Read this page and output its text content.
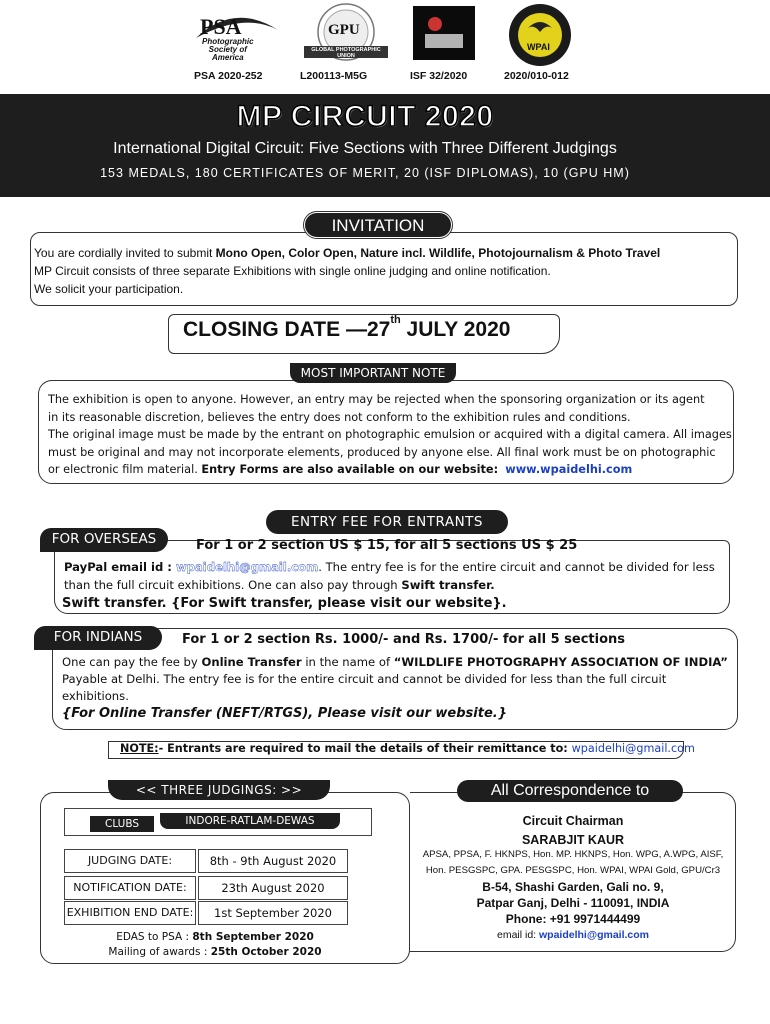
PSA
Photographic
Society of
America
GPU
GLOBAL PHOTOGRAPHIC UNION
WPAI
PSA 2020-252	L200113-M5G	ISF 32/2020	2020/010-012
MP CIRCUIT 2020
International Digital Circuit: Five Sections with Three Different Judgings
153 MEDALS, 180 CERTIFICATES OF MERIT, 20 (ISF DIPLOMAS), 10 (GPU HM)
INVITATION
You are cordially invited to submit Mono Open, Color Open, Nature incl. Wildlife, Photojournalism & Photo Travel
MP Circuit consists of three separate Exhibitions with single online judging and online notification.
We solicit your participation.
CLOSING DATE —27th JULY 2020
MOST IMPORTANT NOTE
The exhibition is open to anyone. However, an entry may be rejected when the sponsoring organization or its agent
in its reasonable discretion, believes the entry does not conform to the exhibition rules and conditions.
The original image must be made by the entrant on photographic emulsion or acquired with a digital camera. All images
must be original and may not incorporate elements, produced by anyone else. All final work must be on photographic
or electronic film material. Entry Forms are also available on our website: www.wpaidelhi.com
ENTRY FEE FOR ENTRANTS
FOR OVERSEAS	For 1 or 2 section US $ 15, for all 5 sections US $ 25
PayPal email id : wpaidelhi@gmail.com. The entry fee is for the entire circuit and cannot be divided for less
than the full circuit exhibitions. One can also pay through Swift transfer.
Swift transfer. {For Swift transfer, please visit our website}.
FOR INDIANS	For 1 or 2 section Rs. 1000/- and Rs. 1700/- for all 5 sections
One can pay the fee by Online Transfer in the name of “WILDLIFE PHOTOGRAPHY ASSOCIATION OF INDIA”
Payable at Delhi. The entry fee is for the entire circuit and cannot be divided for less than the full circuit
exhibitions.
{For Online Transfer (NEFT/RTGS), Please visit our website.}
NOTE:- Entrants are required to mail the details of their remittance to: wpaidelhi@gmail.com
<< THREE JUDGINGS: >>
CLUBS	INDORE-RATLAM-DEWAS
JUDGING DATE:	8th - 9th August 2020
NOTIFICATION DATE:	23th August 2020
EXHIBITION END DATE:	1st September 2020
EDAS to PSA : 8th September 2020
Mailing of awards : 25th October 2020
All Correspondence to
Circuit Chairman
SARABJIT KAUR
APSA, PPSA, F. HKNPS, Hon. MP. HKNPS, Hon. WPG, A.WPG, AISF,
Hon. PESGSPC, GPA. PESGSPC, Hon. WPAI, WPAI Gold, GPU/Cr3
B-54, Shashi Garden, Gali no. 9,
Patpar Ganj, Delhi - 110091, INDIA
Phone: +91 9971444499
email id: wpaidelhi@gmail.com
